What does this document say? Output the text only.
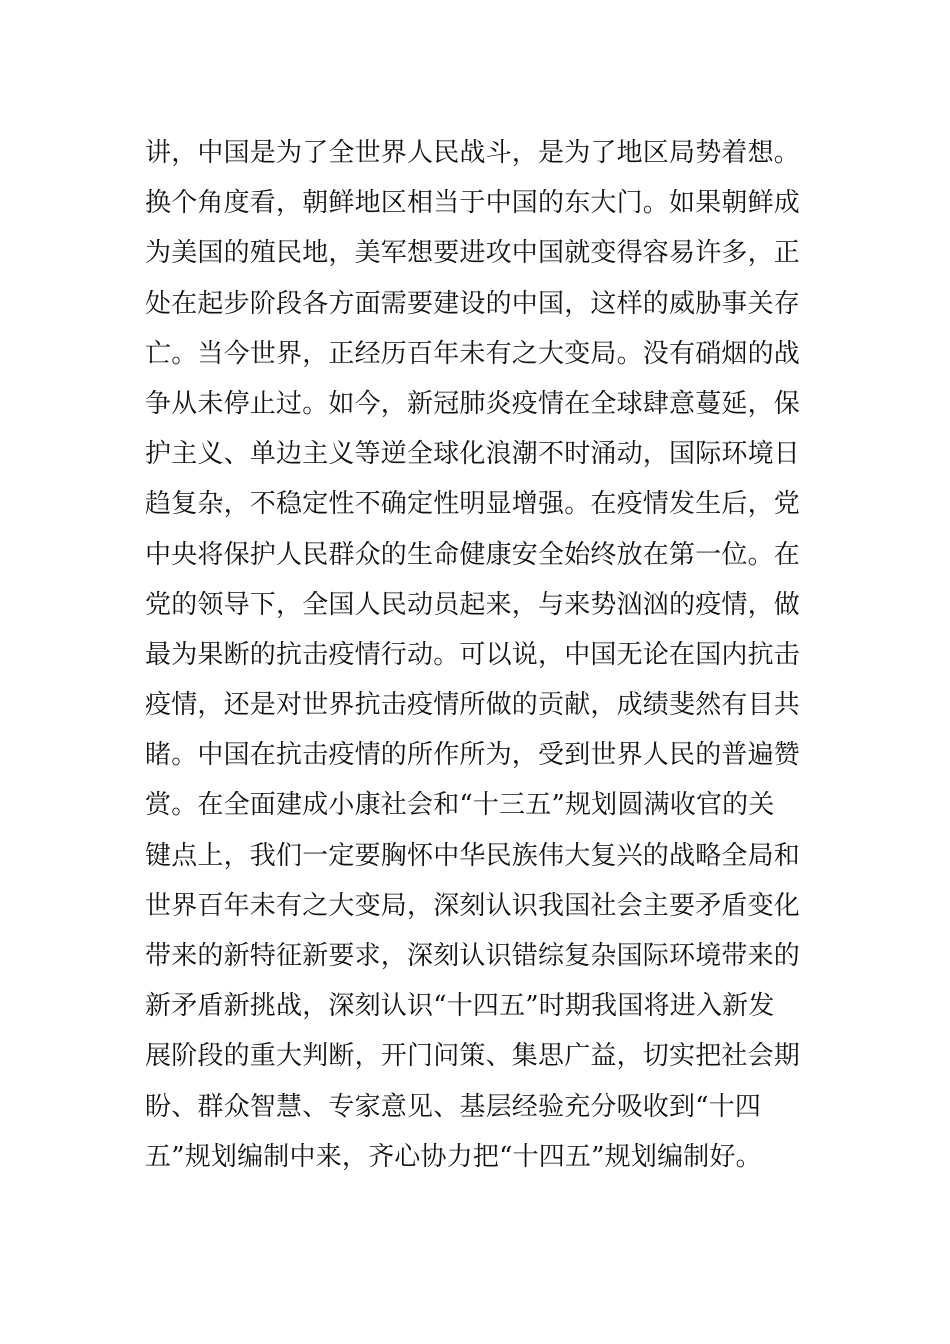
讲，中国是为了全世界人民战斗，是为了地区局势着想。
换个角度看，朝鲜地区相当于中国的东大门。如果朝鲜成
为美国的殖民地，美军想要进攻中国就变得容易许多，正
处在起步阶段各方面需要建设的中国，这样的威胁事关存
亡。当今世界，正经历百年未有之大变局。没有硝烟的战
争从未停止过。如今，新冠肺炎疫情在全球肆意蔓延，保
护主义、单边主义等逆全球化浪潮不时涌动，国际环境日
趋复杂，不稳定性不确定性明显增强。在疫情发生后，党
中央将保护人民群众的生命健康安全始终放在第一位。在
党的领导下，全国人民动员起来，与来势汹汹的疫情，做
最为果断的抗击疫情行动。可以说，中国无论在国内抗击
疫情，还是对世界抗击疫情所做的贡献，成绩斐然有目共
睹。中国在抗击疫情的所作所为，受到世界人民的普遍赞
赏。在全面建成小康社会和“十三五”规划圆满收官的关
键点上，我们一定要胸怀中华民族伟大复兴的战略全局和
世界百年未有之大变局，深刻认识我国社会主要矛盾变化
带来的新特征新要求，深刻认识错综复杂国际环境带来的
新矛盾新挑战，深刻认识“十四五”时期我国将进入新发
展阶段的重大判断，开门问策、集思广益，切实把社会期
盼、群众智慧、专家意见、基层经验充分吸收到“十四
五”规划编制中来，齐心协力把“十四五”规划编制好。
